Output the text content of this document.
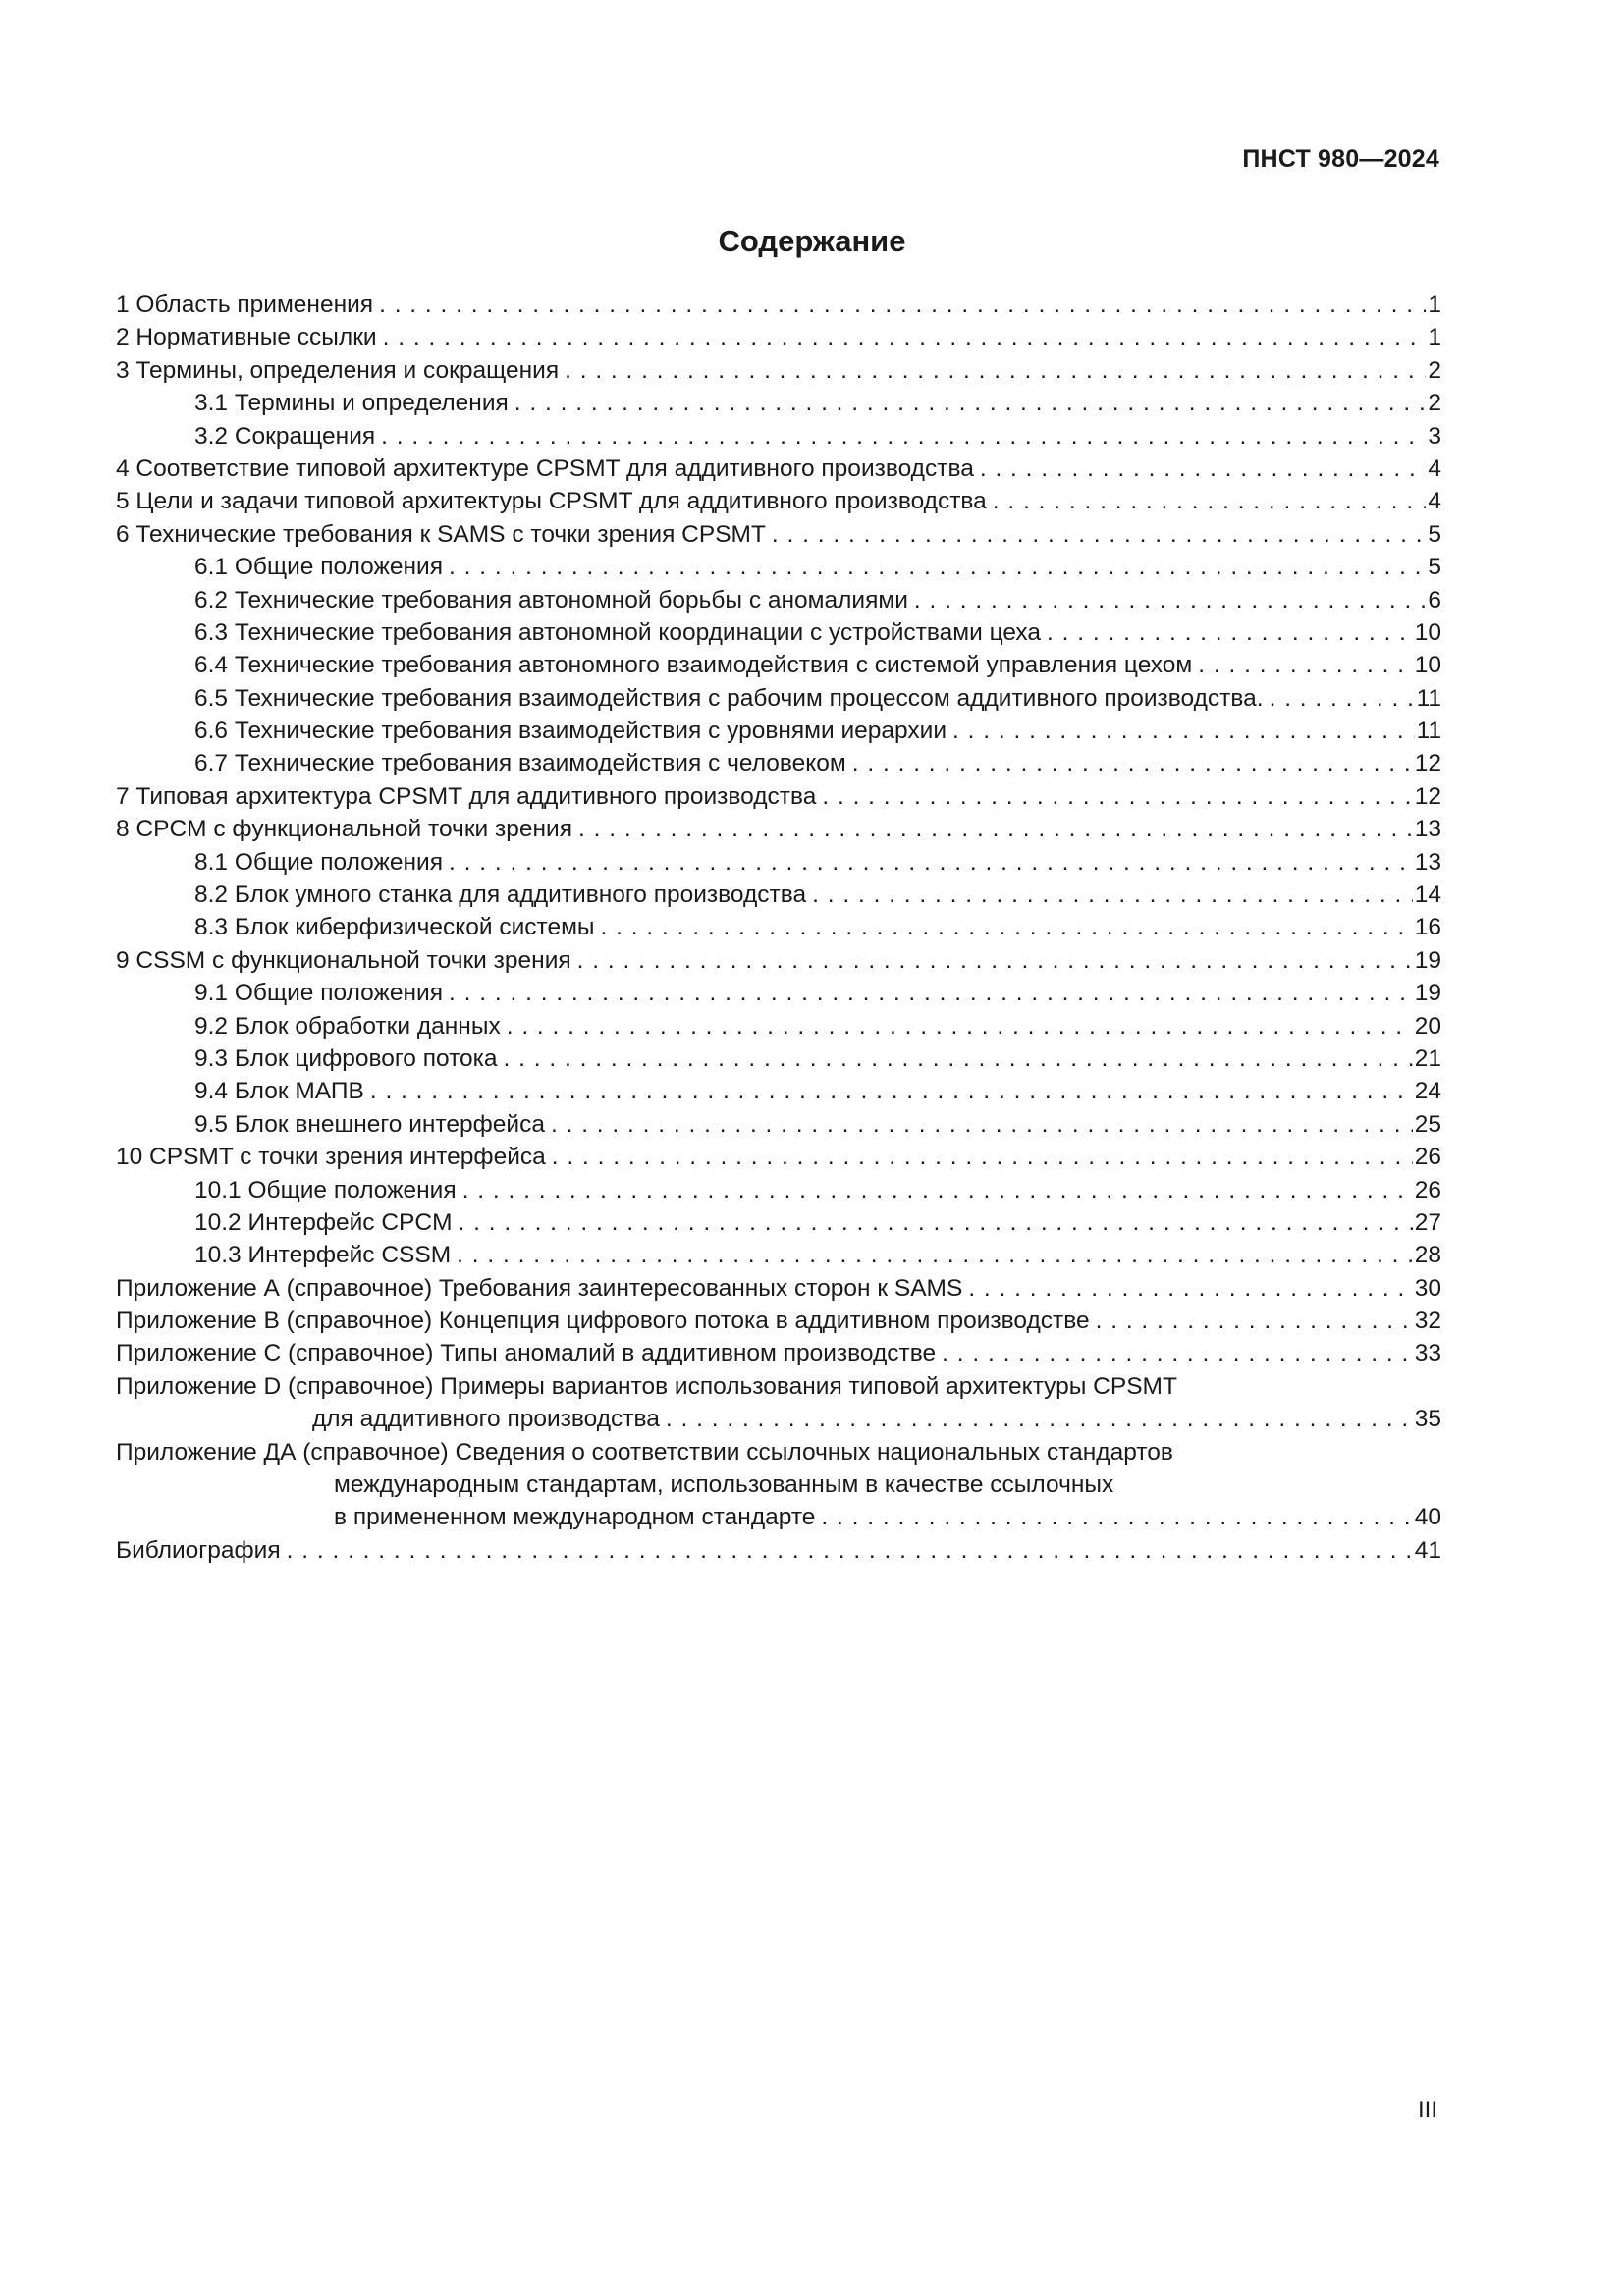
ПНСТ 980—2024
Содержание
1 Область применения . . .	1
2 Нормативные ссылки . . .	1
3 Термины, определения и сокращения . . .	2
3.1 Термины и определения . . .	2
3.2 Сокращения . . .	3
4 Соответствие типовой архитектуре CPSMT для аддитивного производства . . .	4
5 Цели и задачи типовой архитектуры CPSMT для аддитивного производства . . .	4
6 Технические требования к SAMS с точки зрения CPSMT . . .	5
6.1 Общие положения . . .	5
6.2 Технические требования автономной борьбы с аномалиями . . .	6
6.3 Технические требования автономной координации с устройствами цеха . . .	10
6.4 Технические требования автономного взаимодействия с системой управления цехом . . .	10
6.5 Технические требования взаимодействия с рабочим процессом аддитивного производства. . . .	11
6.6 Технические требования взаимодействия с уровнями иерархии . . .	11
6.7 Технические требования взаимодействия с человеком . . .	12
7 Типовая архитектура CPSMT для аддитивного производства . . .	12
8 CPCM с функциональной точки зрения . . .	13
8.1 Общие положения . . .	13
8.2 Блок умного станка для аддитивного производства . . .	14
8.3 Блок киберфизической системы . . .	16
9 CSSM с функциональной точки зрения . . .	19
9.1 Общие положения . . .	19
9.2 Блок обработки данных . . .	20
9.3 Блок цифрового потока . . .	21
9.4 Блок МАПВ . . .	24
9.5 Блок внешнего интерфейса . . .	25
10 CPSMT с точки зрения интерфейса . . .	26
10.1 Общие положения . . .	26
10.2 Интерфейс CPCM . . .	27
10.3 Интерфейс CSSM . . .	28
Приложение А (справочное) Требования заинтересованных сторон к SAMS . . .	30
Приложение В (справочное) Концепция цифрового потока в аддитивном производстве . . .	32
Приложение С (справочное) Типы аномалий в аддитивном производстве . . .	33
Приложение D (справочное) Примеры вариантов использования типовой архитектуры CPSMT
для аддитивного производства . . .	35
Приложение ДА (справочное) Сведения о соответствии ссылочных национальных стандартов
международным стандартам, использованным в качестве ссылочных
в примененном международном стандарте . . .	40
Библиография . . .	41
III
